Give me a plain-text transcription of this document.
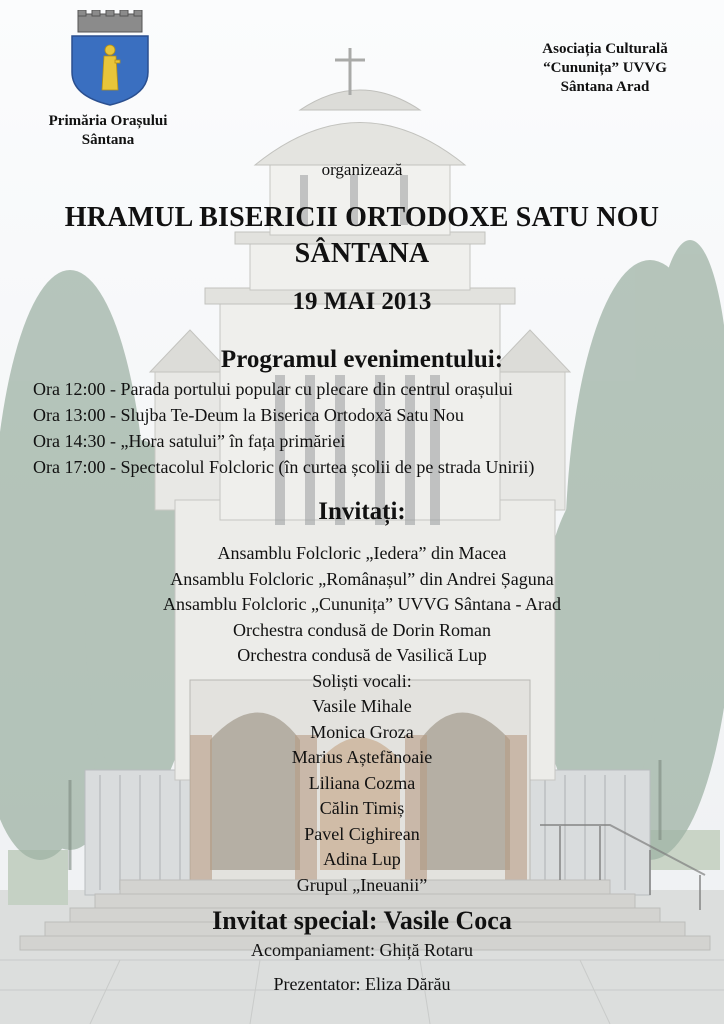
Primăria Orașului
Sântana
Asociația Culturală
“Cununița” UVVG
Sântana Arad
organizează
HRAMUL BISERICII ORTODOXE SATU NOU
SÂNTANA
19 MAI 2013
Programul evenimentului:
Ora 12:00 - Parada portului popular cu plecare din centrul orașului
Ora 13:00 - Slujba Te-Deum la Biserica Ortodoxă Satu Nou
Ora 14:30 - „Hora satului” în fața primăriei
Ora 17:00 - Spectacolul Folcloric (în curtea școlii de pe strada Unirii)
Invitați:
Ansamblu Folcloric „Iedera” din Macea
Ansamblu Folcloric „Românașul” din Andrei Șaguna
Ansamblu Folcloric „Cununița” UVVG Sântana - Arad
Orchestra condusă de Dorin Roman
Orchestra condusă de Vasilică Lup
Soliști vocali:
Vasile Mihale
Monica Groza
Marius Aștefănoaie
Liliana Cozma
Călin Timiș
Pavel Cighirean
Adina Lup
Grupul „Ineuanii”
Invitat special: Vasile Coca
Acompaniament: Ghiță Rotaru
Prezentator: Eliza Dărău
